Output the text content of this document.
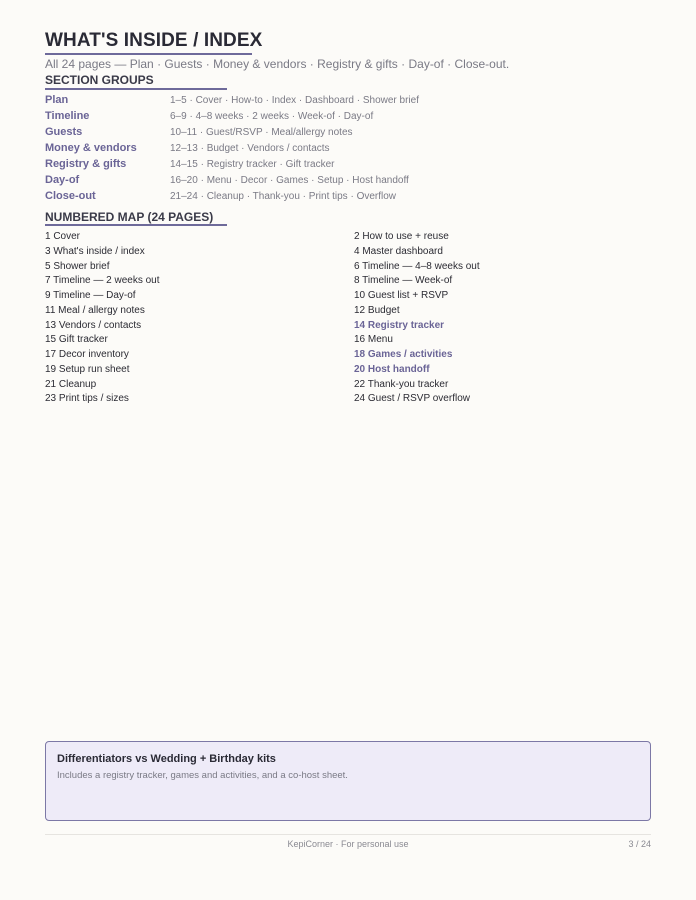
WHAT'S INSIDE / INDEX

All 24 pages — Plan · Guests · Money & vendors · Registry & gifts · Day-of · Close-out.

SECTION GROUPS
Plan	1–5 · Cover · How-to · Index · Dashboard · Shower brief
Timeline	6–9 · 4–8 weeks · 2 weeks · Week-of · Day-of
Guests	10–11 · Guest/RSVP · Meal/allergy notes
Money & vendors	12–13 · Budget · Vendors / contacts
Registry & gifts	14–15 · Registry tracker · Gift tracker
Day-of	16–20 · Menu · Decor · Games · Setup · Host handoff
Close-out	21–24 · Cleanup · Thank-you · Print tips · Overflow
NUMBERED MAP (24 PAGES)
1 Cover	2 How to use + reuse
3 What's inside / index	4 Master dashboard
5 Shower brief	6 Timeline — 4–8 weeks out
7 Timeline — 2 weeks out	8 Timeline — Week-of
9 Timeline — Day-of	10 Guest list + RSVP
11 Meal / allergy notes	12 Budget
13 Vendors / contacts	14 Registry tracker
15 Gift tracker	16 Menu
17 Decor inventory	18 Games / activities
19 Setup run sheet	20 Host handoff
21 Cleanup	22 Thank-you tracker
23 Print tips / sizes	24 Guest / RSVP overflow
Differentiators vs Wedding + Birthday kits
Includes a registry tracker, games and activities, and a co-host sheet.
KepiCorner · For personal use	3 / 24
